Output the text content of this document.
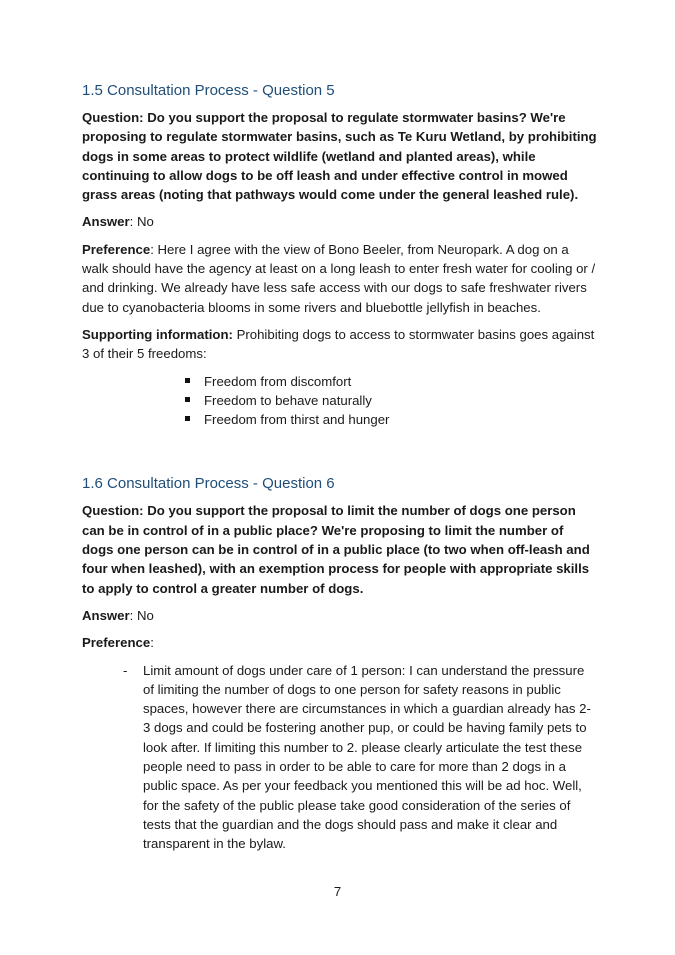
1.5 Consultation Process - Question 5

Question: Do you support the proposal to regulate stormwater basins? We're proposing to regulate stormwater basins, such as Te Kuru Wetland, by prohibiting dogs in some areas to protect wildlife (wetland and planted areas), while continuing to allow dogs to be off leash and under effective control in mowed grass areas (noting that pathways would come under the general leashed rule).

Answer: No

Preference: Here I agree with the view of Bono Beeler, from Neuropark. A dog on a walk should have the agency at least on a long leash to enter fresh water for cooling or / and drinking. We already have less safe access with our dogs to safe freshwater rivers due to cyanobacteria blooms in some rivers and bluebottle jellyfish in beaches.

Supporting information: Prohibiting dogs to access to stormwater basins goes against 3 of their 5 freedoms:

Freedom from discomfort
Freedom to behave naturally
Freedom from thirst and hunger
1.6 Consultation Process - Question 6

Question: Do you support the proposal to limit the number of dogs one person can be in control of in a public place? We're proposing to limit the number of dogs one person can be in control of in a public place (to two when off-leash and four when leashed), with an exemption process for people with appropriate skills to apply to control a greater number of dogs.

Answer: No

Preference:

- Limit amount of dogs under care of 1 person: I can understand the pressure of limiting the number of dogs to one person for safety reasons in public spaces, however there are circumstances in which a guardian already has 2-3 dogs and could be fostering another pup, or could be having family pets to look after. If limiting this number to 2. please clearly articulate the test these people need to pass in order to be able to care for more than 2 dogs in a public space. As per your feedback you mentioned this will be ad hoc. Well, for the safety of the public please take good consideration of the series of tests that the guardian and the dogs should pass and make it clear and transparent in the bylaw.
7
